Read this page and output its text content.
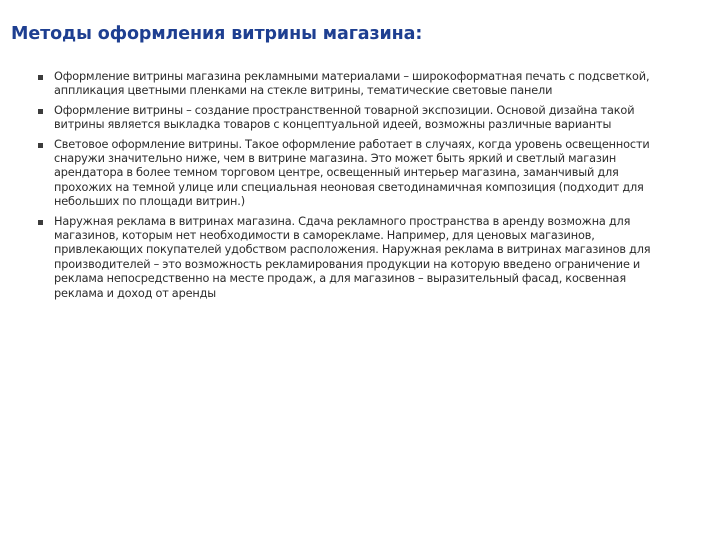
Методы оформления витрины магазина:
Оформление витрины магазина рекламными материалами – широкоформатная печать с подсветкой, аппликация цветными пленками на стекле витрины, тематические световые панели
Оформление витрины – создание пространственной товарной экспозиции. Основой дизайна такой витрины является выкладка товаров с концептуальной идеей, возможны различные варианты
Световое оформление витрины. Такое оформление работает в случаях, когда уровень освещенности снаружи значительно ниже, чем в витрине магазина. Это может быть яркий и светлый магазин арендатора в более темном торговом центре, освещенный интерьер магазина, заманчивый для прохожих на темной улице или специальная неоновая светодинамичная композиция (подходит для небольших по площади витрин.)
Наружная реклама в витринах магазина. Сдача рекламного пространства в аренду возможна для магазинов, которым нет необходимости в саморекламе. Например, для ценовых магазинов, привлекающих покупателей удобством расположения. Наружная реклама в витринах магазинов для производителей – это возможность рекламирования продукции на которую введено ограничение и реклама непосредственно на месте продаж, а для магазинов – выразительный фасад, косвенная реклама и доход от аренды
